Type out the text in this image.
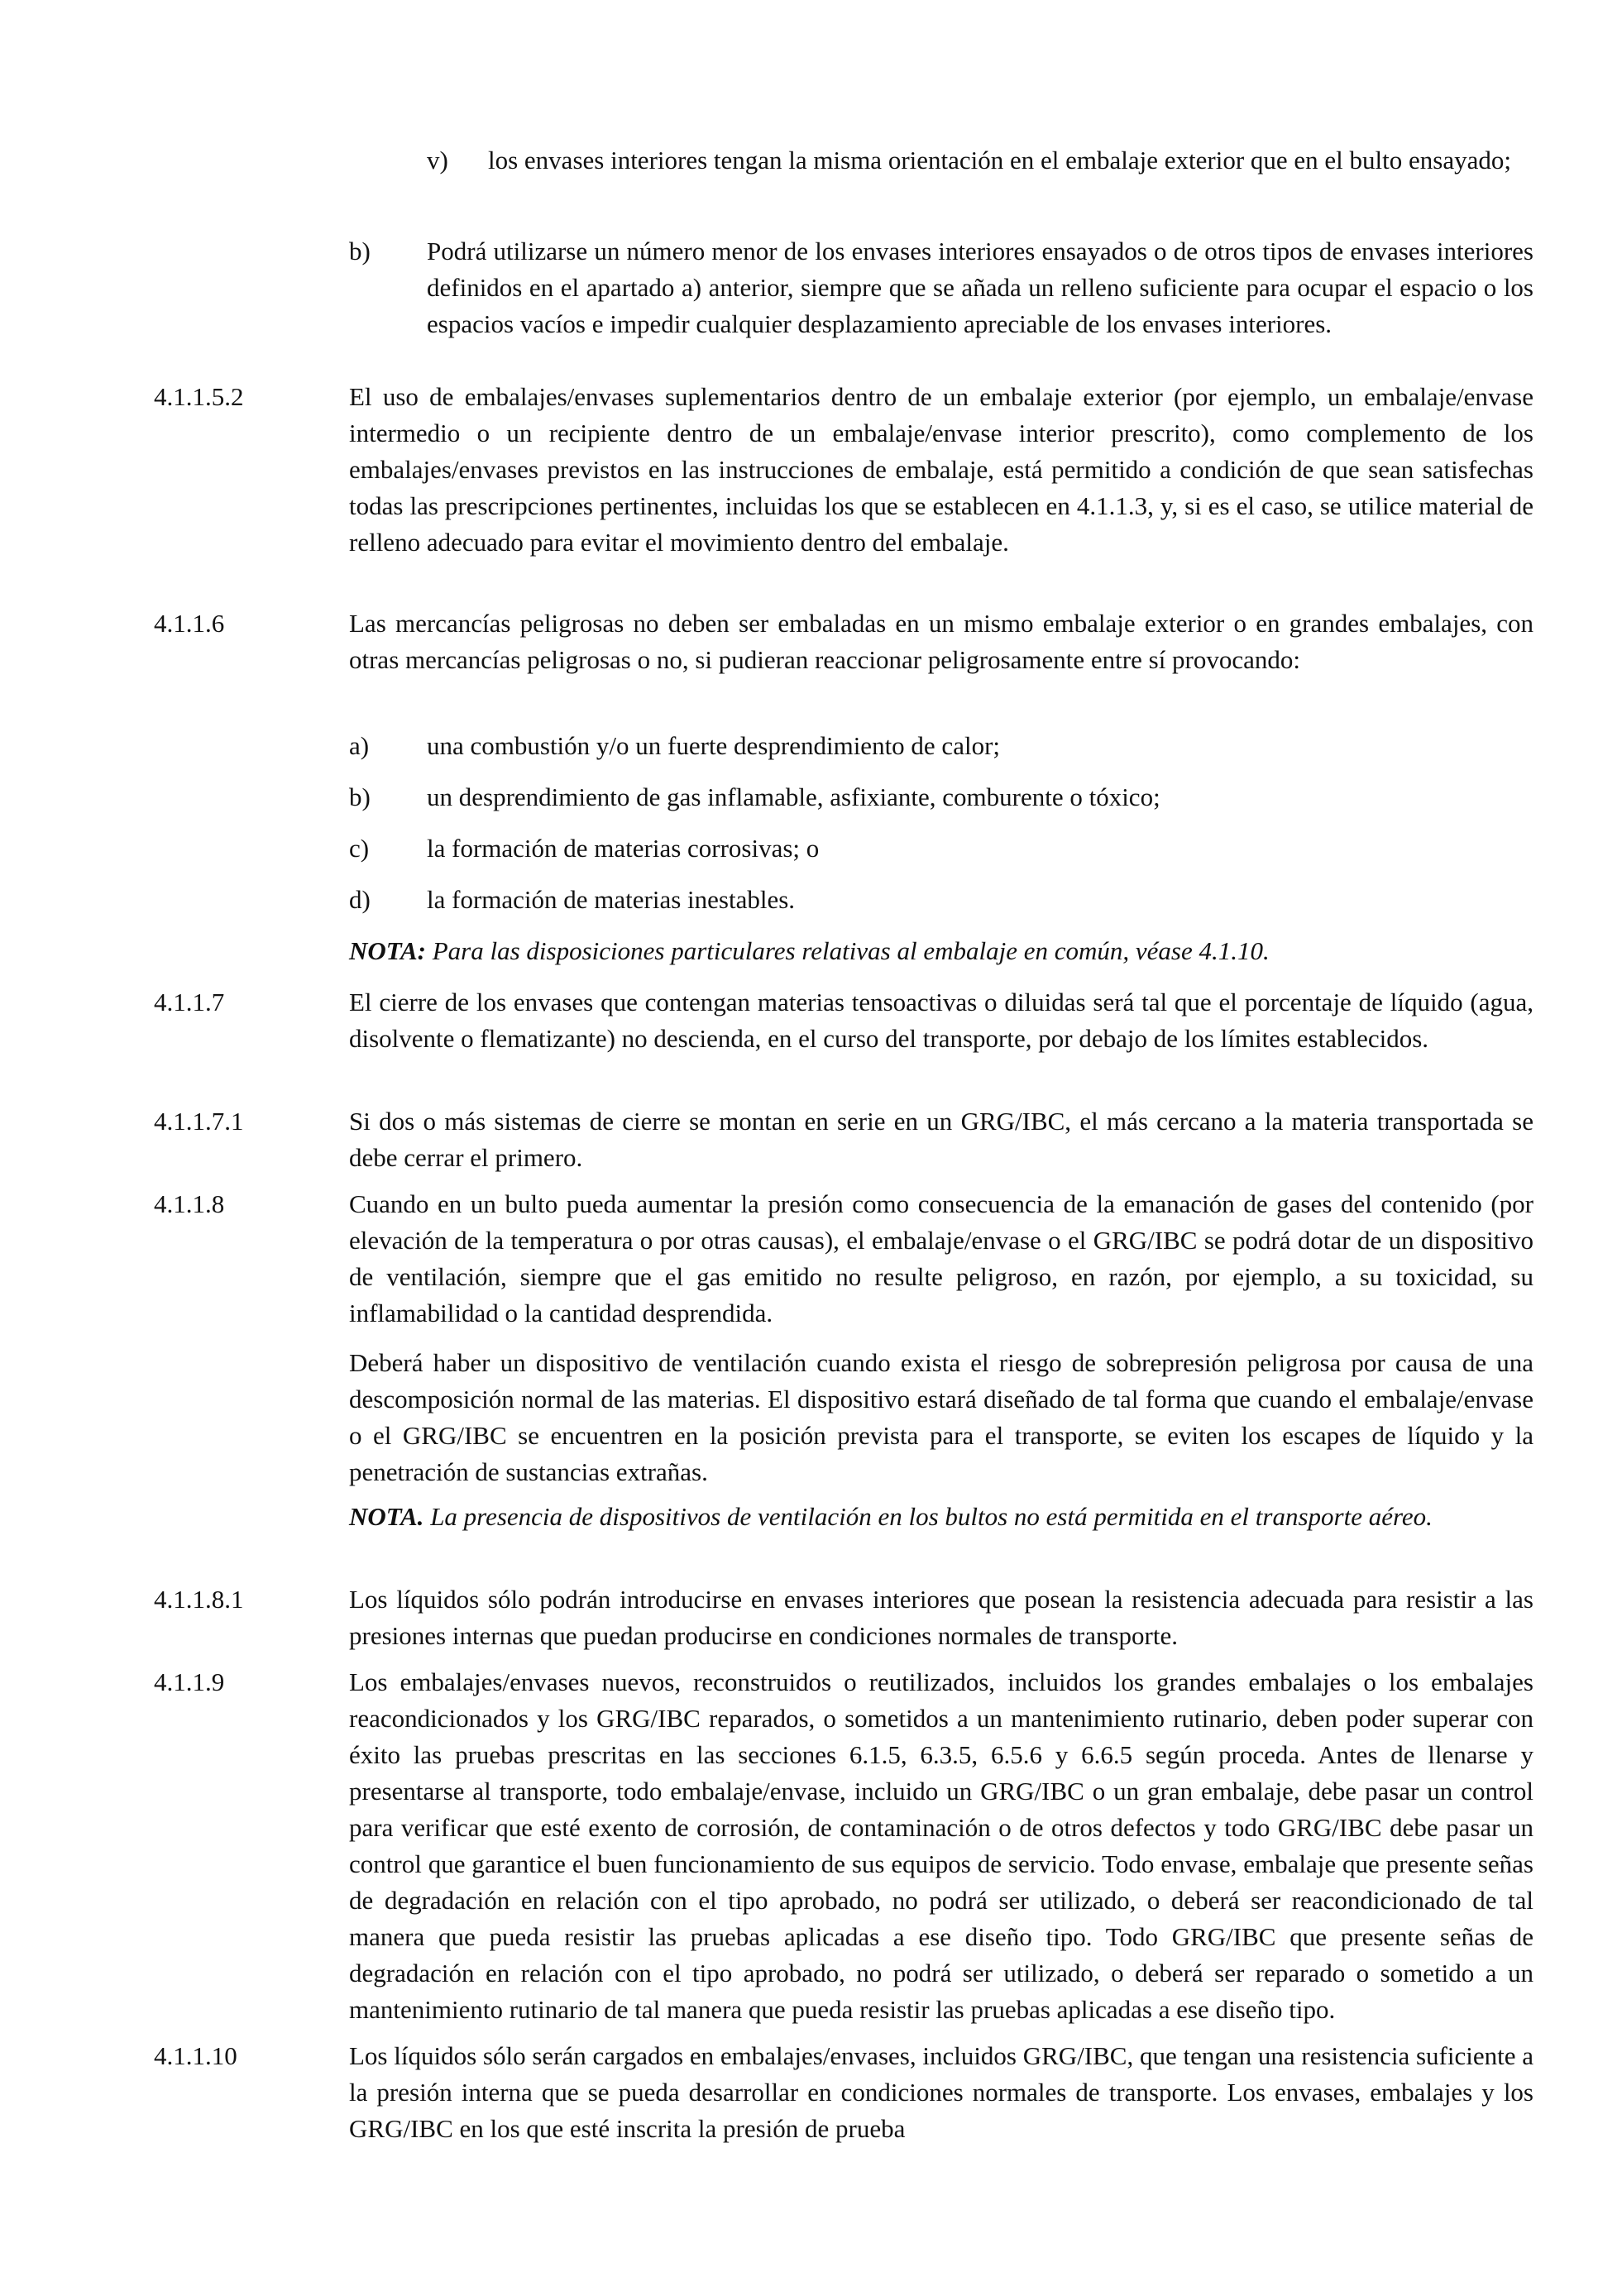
v) los envases interiores tengan la misma orientación en el embalaje exterior que en el bulto ensayado;
b) Podrá utilizarse un número menor de los envases interiores ensayados o de otros tipos de envases interiores definidos en el apartado a) anterior, siempre que se añada un relleno suficiente para ocupar el espacio o los espacios vacíos e impedir cualquier desplazamiento apreciable de los envases interiores.
4.1.1.5.2	El uso de embalajes/envases suplementarios dentro de un embalaje exterior (por ejemplo, un embalaje/envase intermedio o un recipiente dentro de un embalaje/envase interior prescrito), como complemento de los embalajes/envases previstos en las instrucciones de embalaje, está permitido a condición de que sean satisfechas todas las prescripciones pertinentes, incluidas los que se establecen en 4.1.1.3, y, si es el caso, se utilice material de relleno adecuado para evitar el movimiento dentro del embalaje.
4.1.1.6	Las mercancías peligrosas no deben ser embaladas en un mismo embalaje exterior o en grandes embalajes, con otras mercancías peligrosas o no, si pudieran reaccionar peligrosamente entre sí provocando:
a) una combustión y/o un fuerte desprendimiento de calor;
b) un desprendimiento de gas inflamable, asfixiante, comburente o tóxico;
c) la formación de materias corrosivas; o
d) la formación de materias inestables.
NOTA: Para las disposiciones particulares relativas al embalaje en común, véase 4.1.10.
4.1.1.7	El cierre de los envases que contengan materias tensoactivas o diluidas será tal que el porcentaje de líquido (agua, disolvente o flematizante) no descienda, en el curso del transporte, por debajo de los límites establecidos.
4.1.1.7.1	Si dos o más sistemas de cierre se montan en serie en un GRG/IBC, el más cercano a la materia transportada se debe cerrar el primero.
4.1.1.8	Cuando en un bulto pueda aumentar la presión como consecuencia de la emanación de gases del contenido (por elevación de la temperatura o por otras causas), el embalaje/envase o el GRG/IBC se podrá dotar de un dispositivo de ventilación, siempre que el gas emitido no resulte peligroso, en razón, por ejemplo, a su toxicidad, su inflamabilidad o la cantidad desprendida.
Deberá haber un dispositivo de ventilación cuando exista el riesgo de sobrepresión peligrosa por causa de una descomposición normal de las materias. El dispositivo estará diseñado de tal forma que cuando el embalaje/envase o el GRG/IBC se encuentren en la posición prevista para el transporte, se eviten los escapes de líquido y la penetración de sustancias extrañas.
NOTA. La presencia de dispositivos de ventilación en los bultos no está permitida en el transporte aéreo.
4.1.1.8.1	Los líquidos sólo podrán introducirse en envases interiores que posean la resistencia adecuada para resistir a las presiones internas que puedan producirse en condiciones normales de transporte.
4.1.1.9	Los embalajes/envases nuevos, reconstruidos o reutilizados, incluidos los grandes embalajes o los embalajes reacondicionados y los GRG/IBC reparados, o sometidos a un mantenimiento rutinario, deben poder superar con éxito las pruebas prescritas en las secciones 6.1.5, 6.3.5, 6.5.6 y 6.6.5 según proceda. Antes de llenarse y presentarse al transporte, todo embalaje/envase, incluido un GRG/IBC o un gran embalaje, debe pasar un control para verificar que esté exento de corrosión, de contaminación o de otros defectos y todo GRG/IBC debe pasar un control que garantice el buen funcionamiento de sus equipos de servicio. Todo envase, embalaje que presente señas de degradación en relación con el tipo aprobado, no podrá ser utilizado, o deberá ser reacondicionado de tal manera que pueda resistir las pruebas aplicadas a ese diseño tipo. Todo GRG/IBC que presente señas de degradación en relación con el tipo aprobado, no podrá ser utilizado, o deberá ser reparado o sometido a un mantenimiento rutinario de tal manera que pueda resistir las pruebas aplicadas a ese diseño tipo.
4.1.1.10	Los líquidos sólo serán cargados en embalajes/envases, incluidos GRG/IBC, que tengan una resistencia suficiente a la presión interna que se pueda desarrollar en condiciones normales de transporte. Los envases, embalajes y los GRG/IBC en los que esté inscrita la presión de prueba
